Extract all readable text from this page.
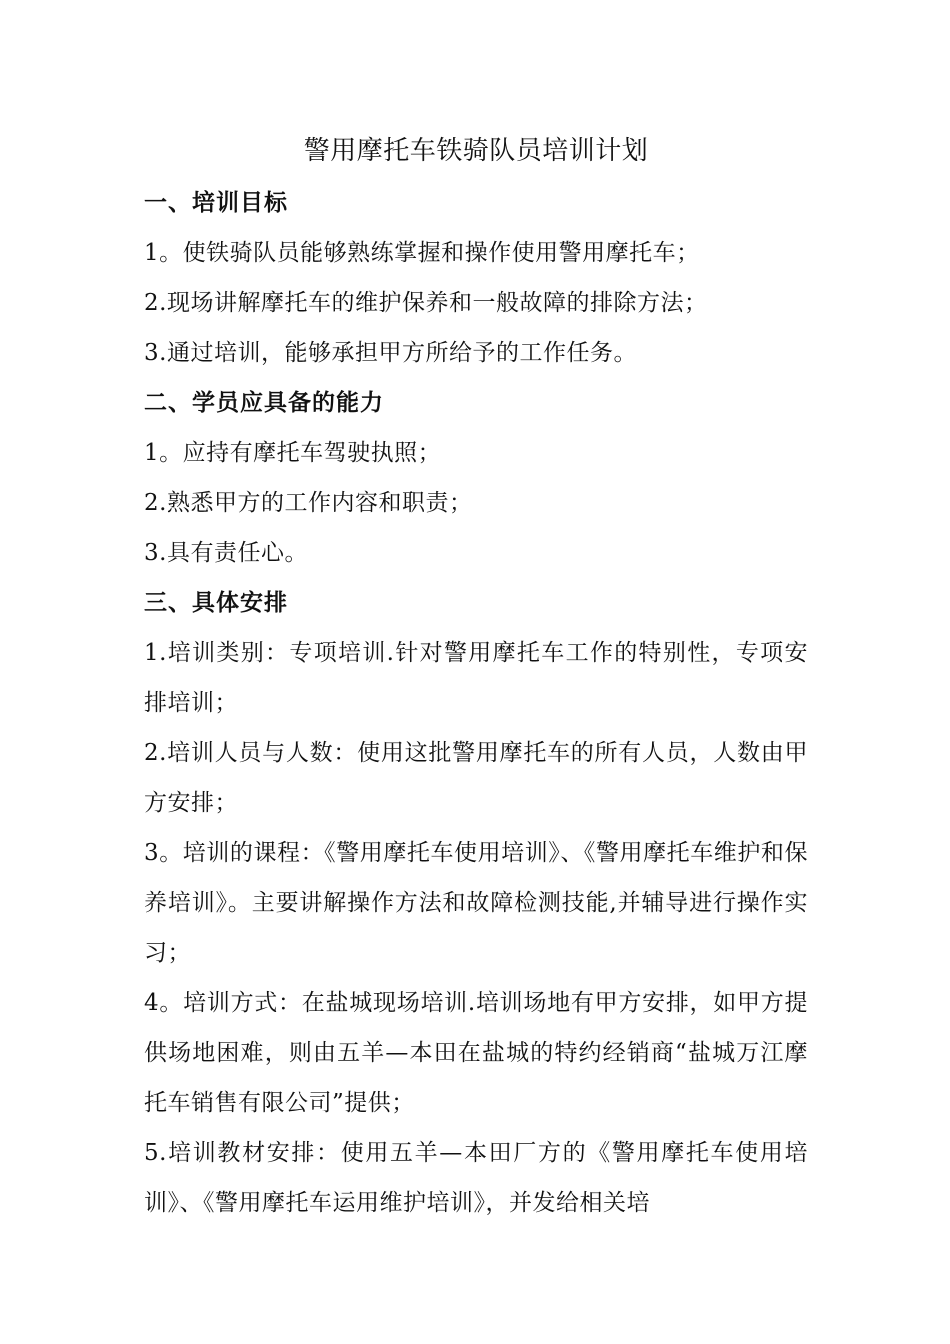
警用摩托车铁骑队员培训计划
一、培训目标
1。使铁骑队员能够熟练掌握和操作使用警用摩托车；
2.现场讲解摩托车的维护保养和一般故障的排除方法；
3.通过培训，能够承担甲方所给予的工作任务。
二、学员应具备的能力
1。应持有摩托车驾驶执照；
2.熟悉甲方的工作内容和职责；
3.具有责任心。
三、具体安排
1.培训类别：专项培训.针对警用摩托车工作的特别性，专项安排培训；
2.培训人员与人数：使用这批警用摩托车的所有人员，人数由甲方安排；
3。培训的课程：《警用摩托车使用培训》、《警用摩托车维护和保养培训》。主要讲解操作方法和故障检测技能,并辅导进行操作实习；
4。培训方式：在盐城现场培训.培训场地有甲方安排，如甲方提供场地困难，则由五羊—本田在盐城的特约经销商“盐城万江摩托车销售有限公司”提供；
5.培训教材安排：使用五羊—本田厂方的《警用摩托车使用培训》、《警用摩托车运用维护培训》，并发给相关培
